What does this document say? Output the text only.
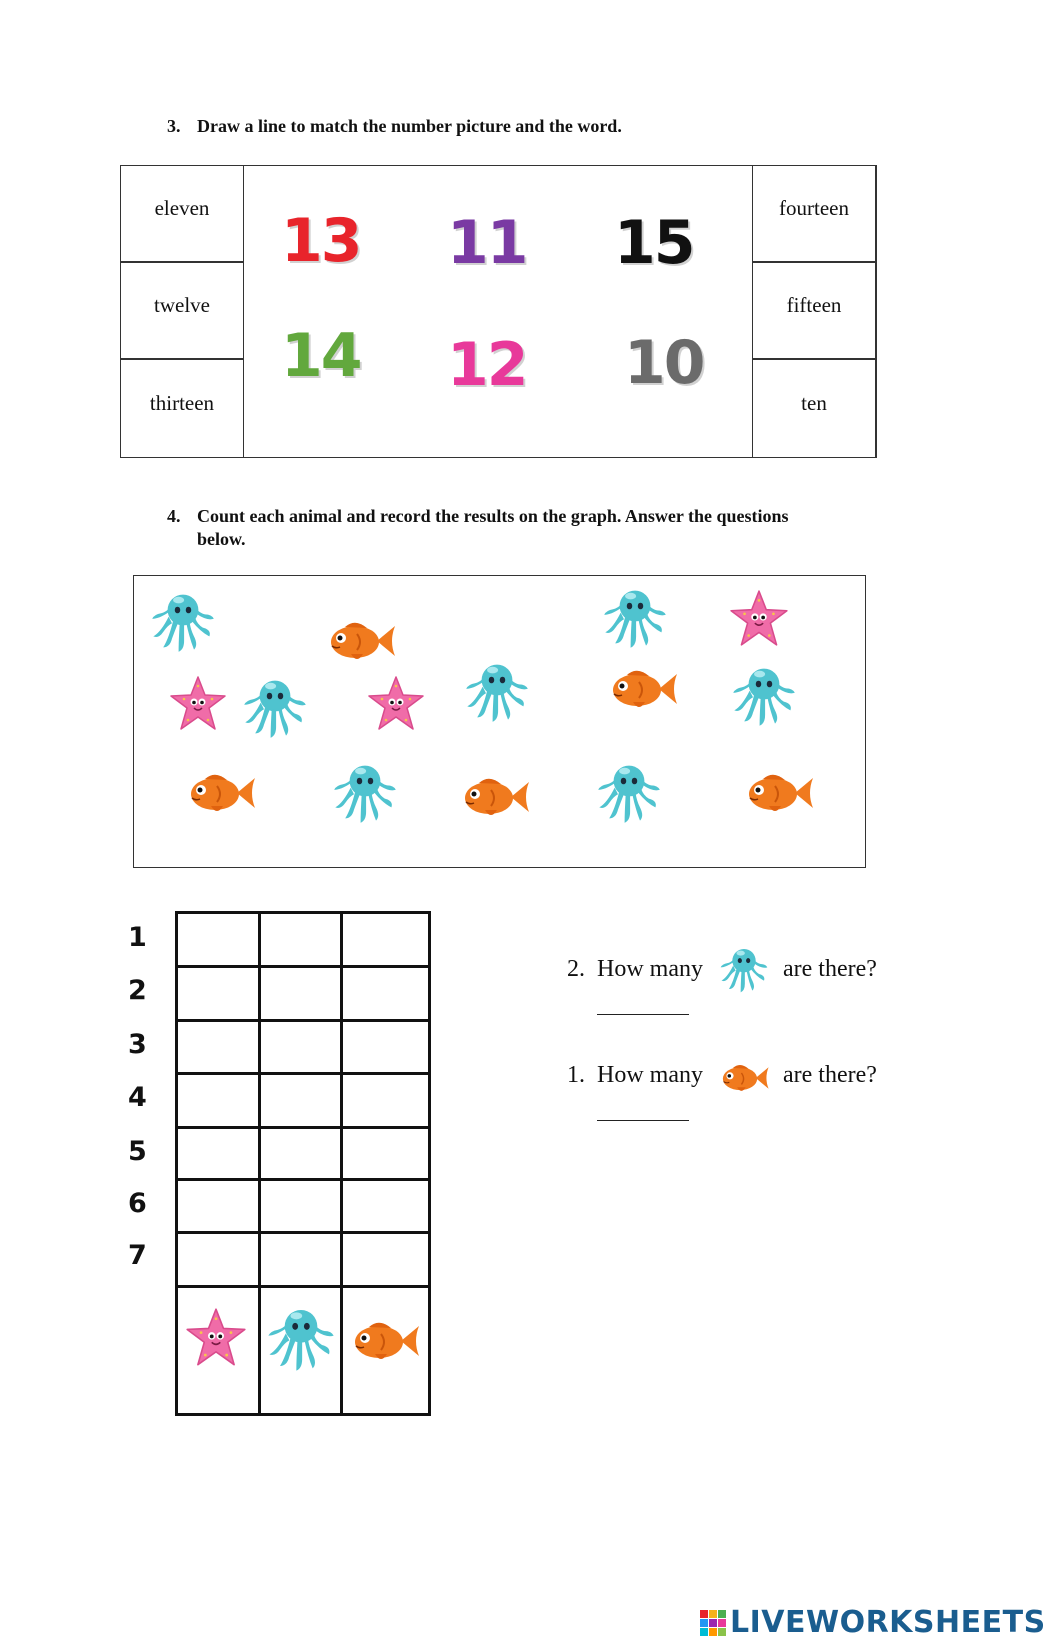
3. Draw a line to match the number picture and the word.
eleven
twelve
thirteen
fourteen
fifteen
ten
13 11 15
14 12 10
4. Count each animal and record the results on the graph. Answer the questions
below.
1
2
3
4
5
6
7
2. How many	are there?
1. How many	are there?
LIVEWORKSHEETS
